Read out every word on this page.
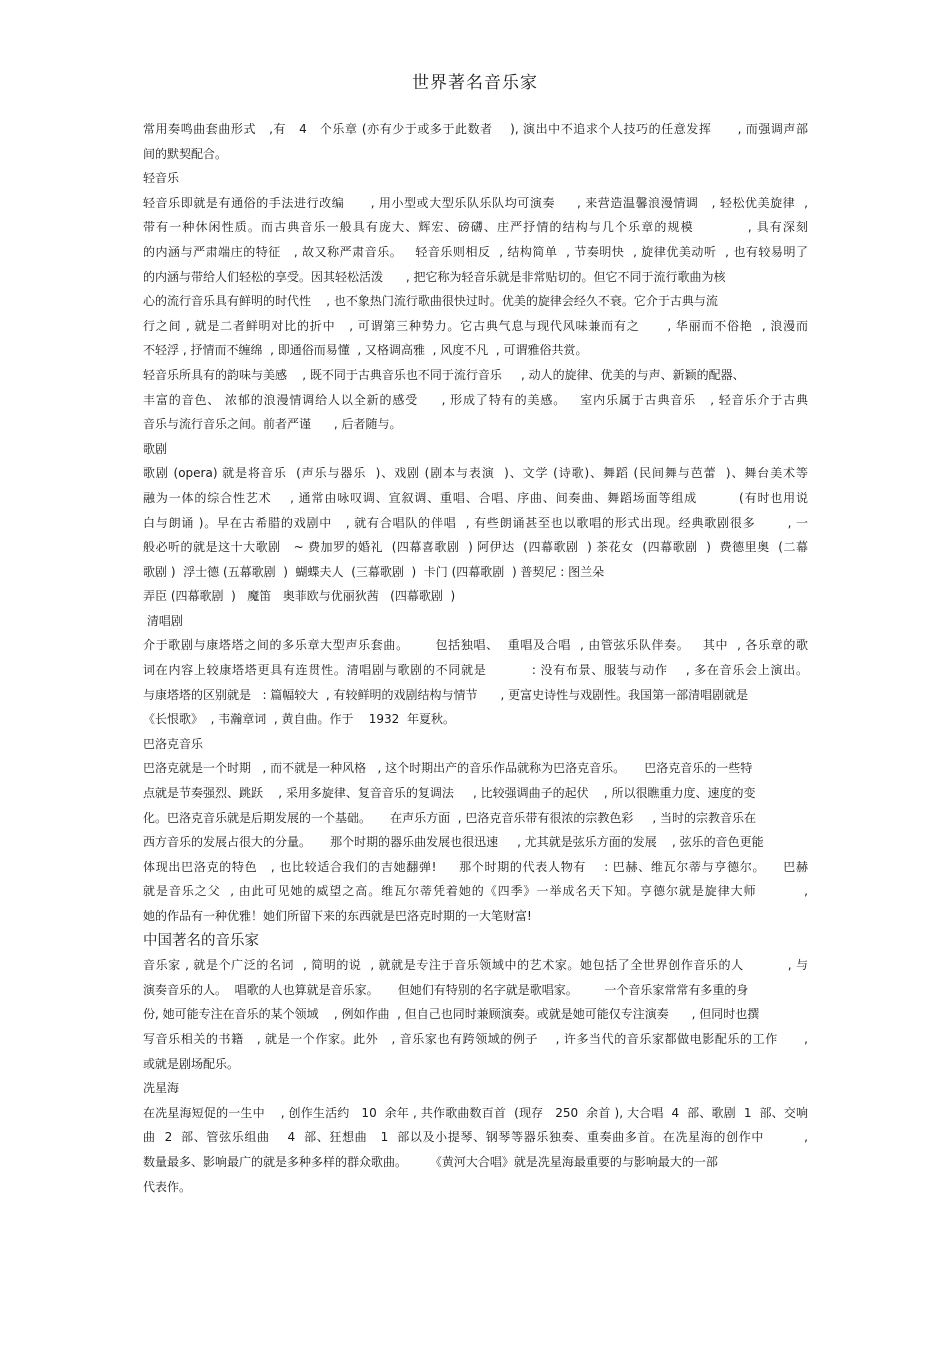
世界著名音乐家
常用奏鸣曲套曲形式   ,有   4   个乐章 (亦有少于或多于此数者    ), 演出中不追求个人技巧的任意发挥      , 而强调声部
间的默契配合。
轻音乐
轻音乐即就是有通俗的手法进行改编      , 用小型或大型乐队乐队均可演奏     , 来营造温馨浪漫情调   , 轻松优美旋律  ,
带有一种休闲性质。而古典音乐一般具有庞大、辉宏、磅礴、庄严抒情的结构与几个乐章的规模           , 具有深刻
的内涵与严肃端庄的特征   , 故又称严肃音乐。   轻音乐则相反  , 结构简单  , 节奏明快  , 旋律优美动听  , 也有较易明了
的内涵与带给人们轻松的享受。因其轻松活泼      , 把它称为轻音乐就是非常贴切的。但它不同于流行歌曲为核
心的流行音乐具有鲜明的时代性    , 也不象热门流行歌曲很快过时。优美的旋律会经久不衰。它介于古典与流
行之间 , 就是二者鲜明对比的折中   , 可谓第三种势力。它古典气息与现代风味兼而有之      , 华丽而不俗艳  , 浪漫而
不轻浮 , 抒情而不缠绵  , 即通俗而易懂  , 又格调高雅  , 风度不凡  , 可谓雅俗共赏。
轻音乐所具有的韵味与美感    , 既不同于古典音乐也不同于流行音乐     , 动人的旋律、优美的与声、新颖的配器、
丰富的音色、 浓郁的浪漫情调给人以全新的感受     , 形成了特有的美感。   室内乐属于古典音乐   , 轻音乐介于古典
音乐与流行音乐之间。前者严谨      , 后者随与。
歌剧
歌剧 (opera) 就是将音乐  (声乐与器乐  )、戏剧 (剧本与表演  )、文学 (诗歌)、舞蹈 (民间舞与芭蕾  )、舞台美术等
融为一体的综合性艺术    , 通常由咏叹调、宣叙调、重唱、合唱、序曲、间奏曲、舞蹈场面等组成         (有时也用说
白与朗诵 )。早在古希腊的戏剧中   , 就有合唱队的伴唱  , 有些朗诵甚至也以歌唱的形式出现。经典歌剧很多       , 一
般必听的就是这十大歌剧   ~ 费加罗的婚礼  (四幕喜歌剧  ) 阿伊达  (四幕歌剧  ) 茶花女  (四幕歌剧  )  费德里奥  (二幕
歌剧 )  浮士德 (五幕歌剧  )  蝴蝶夫人  (三幕歌剧  )  卡门 (四幕歌剧  ) 普契尼 : 图兰朵
弄臣 (四幕歌剧  )   魔笛   奥菲欧与优丽狄茜   (四幕歌剧  )
清唱剧
介于歌剧与康塔塔之间的多乐章大型声乐套曲。      包括独唱、  重唱及合唱  , 由管弦乐队伴奏。   其中  , 各乐章的歌
词在内容上较康塔塔更具有连贯性。清唱剧与歌剧的不同就是          : 没有布景、服装与动作    , 多在音乐会上演出。
与康塔塔的区别就是   : 篇幅较大  , 有较鲜明的戏剧结构与情节      , 更富史诗性与戏剧性。我国第一部清唱剧就是
《长恨歌》  , 韦瀚章词  , 黄自曲。作于    1932  年夏秋。
巴洛克音乐
巴洛克就是一个时期   , 而不就是一种风格   , 这个时期出产的音乐作品就称为巴洛克音乐。     巴洛克音乐的一些特
点就是节奏强烈、跳跃    , 采用多旋律、复音音乐的复调法     , 比较强调曲子的起伏    , 所以很瞧重力度、速度的变
化。巴洛克音乐就是后期发展的一个基础。     在声乐方面  , 巴洛克音乐带有很浓的宗教色彩     , 当时的宗教音乐在
西方音乐的发展占很大的分量。     那个时期的器乐曲发展也很迅速     , 尤其就是弦乐方面的发展    , 弦乐的音色更能
体现出巴洛克的特色   , 也比较适合我们的吉她翻弹!     那个时期的代表人物有    : 巴赫、维瓦尔蒂与亨德尔。    巴赫
就是音乐之父  , 由此可见她的威望之高。维瓦尔蒂凭着她的《四季》一举成名天下知。亨德尔就是旋律大师          ,
她的作品有一种优雅！她们所留下来的东西就是巴洛克时期的一大笔财富!
中国著名的音乐家
音乐家 , 就是个广泛的名词  , 简明的说  , 就就是专注于音乐领域中的艺术家。她包括了全世界创作音乐的人          , 与
演奏音乐的人。  唱歌的人也算就是音乐家。     但她们有特别的名字就是歌唱家。       一个音乐家常常有多重的身
份, 她可能专注在音乐的某个领域    , 例如作曲  , 但自己也同时兼顾演奏。或就是她可能仅专注演奏      , 但同时也撰
写音乐相关的书籍   , 就是一个作家。此外   , 音乐家也有跨领域的例子    , 许多当代的音乐家都做电影配乐的工作      ,
或就是剧场配乐。
冼星海
在冼星海短促的一生中    , 创作生活约   10  余年 , 共作歌曲数百首  (现存   250  余首 ), 大合唱  4  部、歌剧  1  部、交响
曲  2  部、管弦乐组曲    4  部、狂想曲   1  部以及小提琴、钢琴等器乐独奏、重奏曲多首。在冼星海的创作中         ,
数量最多、影响最广的就是多种多样的群众歌曲。      《黄河大合唱》就是冼星海最重要的与影响最大的一部
代表作。
